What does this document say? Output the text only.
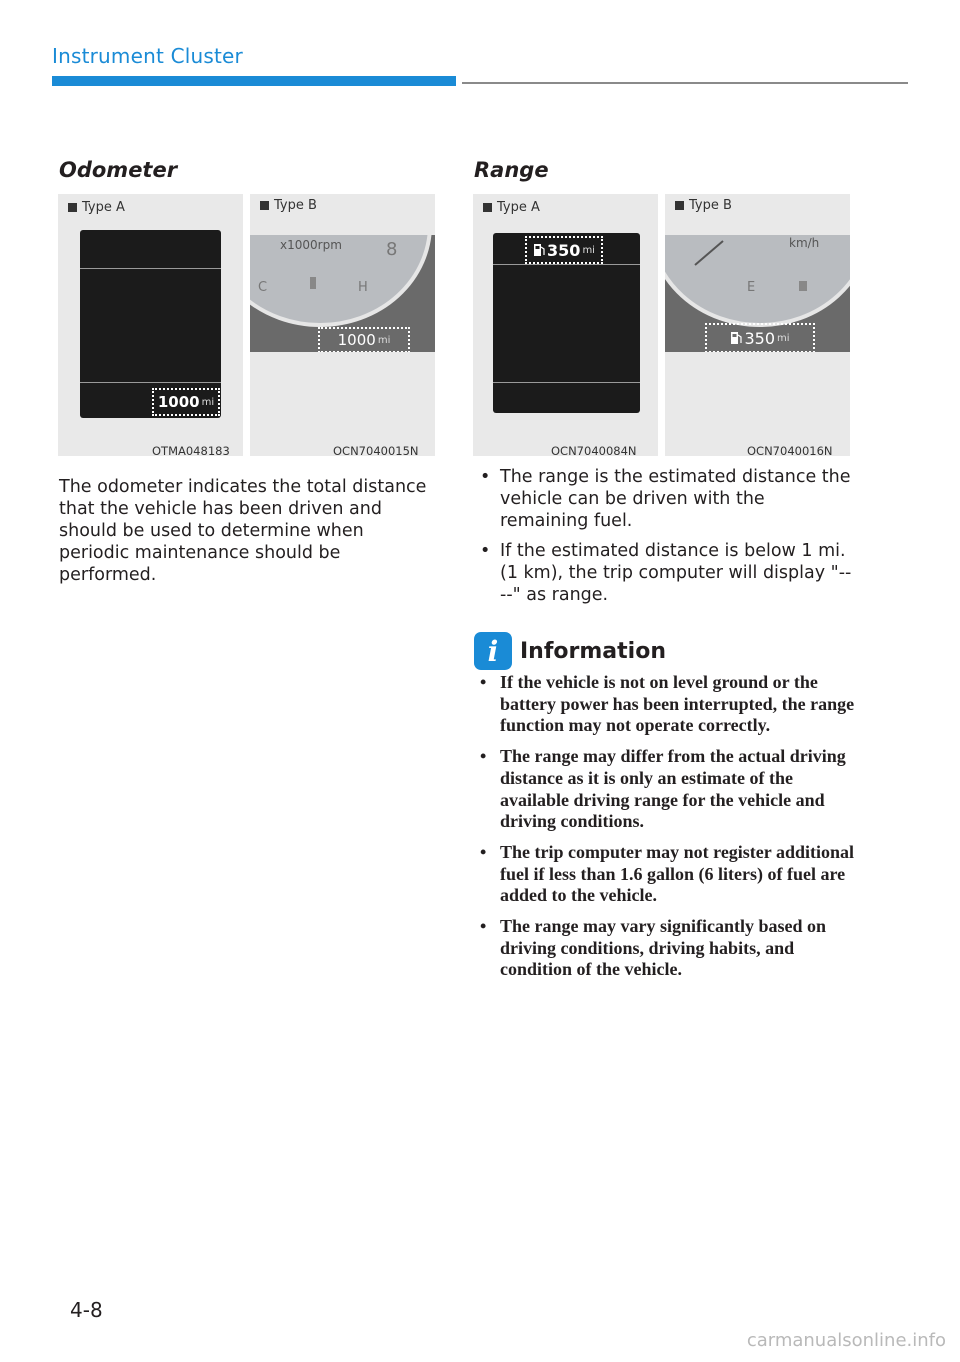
Instrument Cluster
Odometer
Type A
1000 mi
OTMA048183
Type B
x1000rpm 8
C	H
1000 mi
OCN7040015N
The odometer indicates the total distance that the vehicle has been driven and should be used to determine when periodic maintenance should be performed.
Range
Type A
350 mi
OCN7040084N
Type B
km/h
E
350 mi
OCN7040016N
• The range is the estimated distance the vehicle can be driven with the remaining fuel.
• If the estimated distance is below 1 mi. (1 km), the trip computer will display "----" as range.
i Information
• If the vehicle is not on level ground or the battery power has been interrupted, the range function may not operate correctly.
• The range may differ from the actual driving distance as it is only an estimate of the available driving range for the vehicle and driving conditions.
• The trip computer may not register additional fuel if less than 1.6 gallon (6 liters) of fuel are added to the vehicle.
• The range may vary significantly based on driving conditions, driving habits, and condition of the vehicle.
4-8
carmanualsonline.info
